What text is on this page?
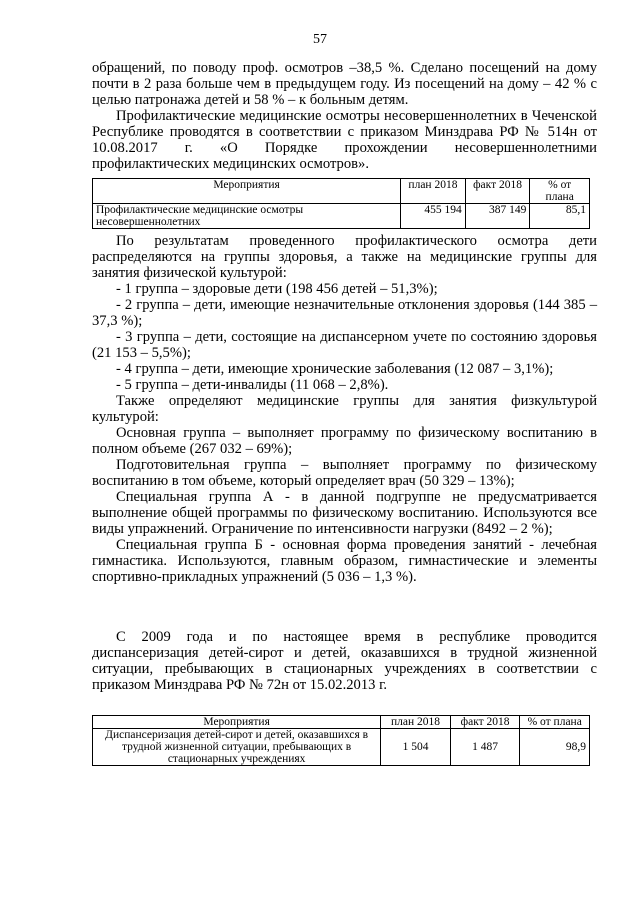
57

обращений, по поводу проф. осмотров –38,5 %. Сделано посещений на дому почти в 2 раза больше чем в предыдущем году. Из посещений на дому – 42 % с целью патронажа детей и 58 % – к больным детям.

Профилактические медицинские осмотры несовершеннолетних в Чеченской Республике проводятся в соответствии с приказом Минздрава РФ № 514н от 10.08.2017 г. «О Порядке прохождении несовершеннолетними профилактических медицинских осмотров».

Мероприятия	план 2018	факт 2018	% от плана
Профилактические медицинские осмотры несовершеннолетних	455 194	387 149	85,1

По результатам проведенного профилактического осмотра дети распределяются на группы здоровья, а также на медицинские группы для занятия физической культурой:

- 1 группа – здоровые дети (198 456 детей – 51,3%);

- 2 группа – дети, имеющие незначительные отклонения здоровья (144 385 – 37,3 %);

- 3 группа – дети, состоящие на диспансерном учете по состоянию здоровья (21 153 – 5,5%);

- 4 группа – дети, имеющие хронические заболевания (12 087 – 3,1%);

- 5 группа – дети-инвалиды (11 068 – 2,8%).

Также определяют медицинские группы для занятия физкультурой культурой:

Основная группа – выполняет программу по физическому воспитанию в полном объеме (267 032 – 69%);

Подготовительная группа – выполняет программу по физическому воспитанию в том объеме, который определяет врач (50 329 – 13%);

Специальная группа А - в данной подгруппе не предусматривается выполнение общей программы по физическому воспитанию. Используются все виды упражнений. Ограничение по интенсивности нагрузки (8492 – 2 %);

Специальная группа Б - основная форма проведения занятий - лечебная гимнастика. Используются, главным образом, гимнастические и элементы спортивно-прикладных упражнений (5 036 – 1,3 %).

С 2009 года и по настоящее время в республике проводится диспансеризация детей-сирот и детей, оказавшихся в трудной жизненной ситуации, пребывающих в стационарных учреждениях в соответствии с приказом Минздрава РФ № 72н от 15.02.2013 г.

Мероприятия	план 2018	факт 2018	% от плана
Диспансеризация детей-сирот и детей, оказавшихся в трудной жизненной ситуации, пребывающих в стационарных учреждениях	1 504	1 487	98,9
